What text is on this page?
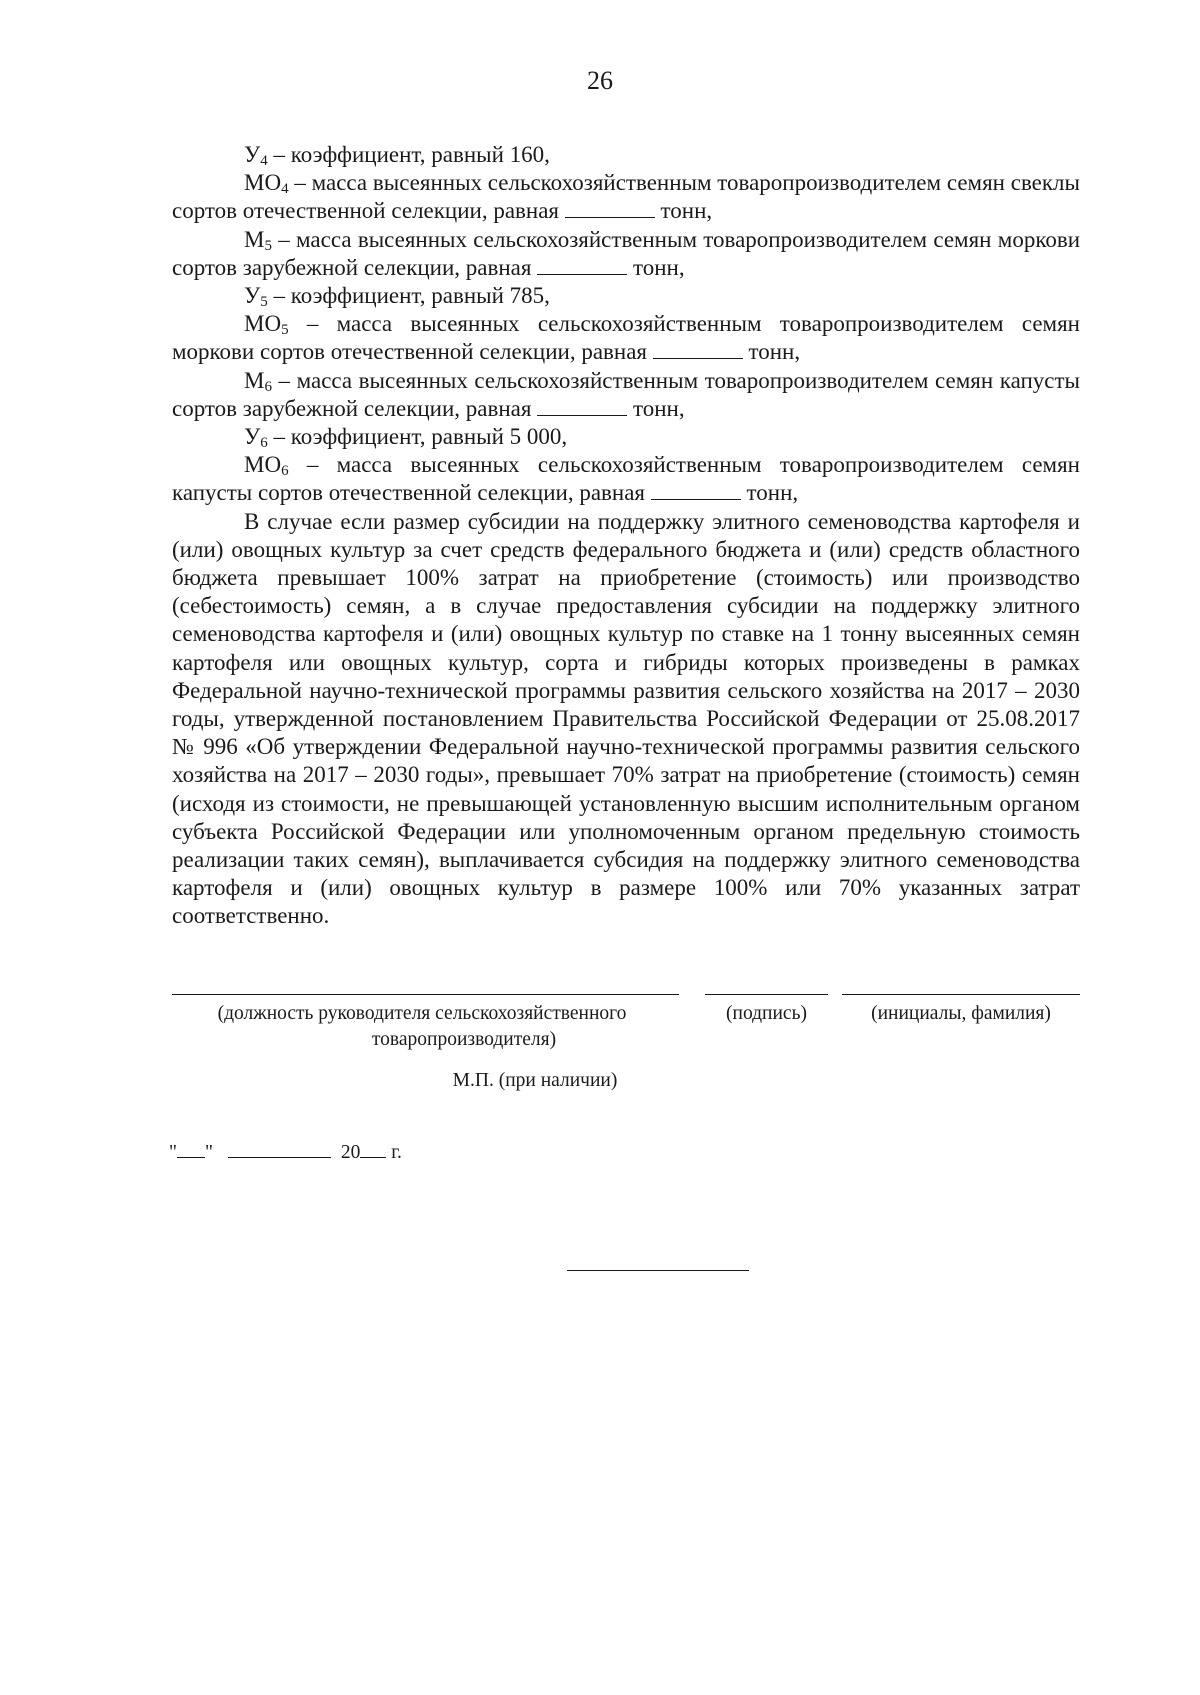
26

$У_4$ – коэффициент, равный 160,

$МО_4$ – масса высеянных сельскохозяйственным товаропроизводителем семян свеклы сортов отечественной селекции, равная	тонн,

$М_5$ – масса высеянных сельскохозяйственным товаропроизводителем семян моркови сортов зарубежной селекции, равная	тонн,

$У_5$ – коэффициент, равный 785,

$МО_5$ – масса высеянных сельскохозяйственным товаропроизводителем семян моркови сортов отечественной селекции, равная	тонн,

$М_6$ – масса высеянных сельскохозяйственным товаропроизводителем семян капусты сортов зарубежной селекции, равная	тонн,

$У_6$ – коэффициент, равный 5 000,

$МО_6$ – масса высеянных сельскохозяйственным товаропроизводителем семян капусты сортов отечественной селекции, равная	тонн,

В случае если размер субсидии на поддержку элитного семеноводства картофеля и (или) овощных культур за счет средств федерального бюджета и (или) средств областного бюджета превышает 100% затрат на приобретение (стоимость) или производство (себестоимость) семян, а в случае предоставления субсидии на поддержку элитного семеноводства картофеля и (или) овощных культур по ставке на 1 тонну высеянных семян картофеля или овощных культур, сорта и гибриды которых произведены в рамках Федеральной научно-технической программы развития сельского хозяйства на 2017 – 2030 годы, утвержденной постановлением Правительства Российской Федерации от 25.08.2017 № 996 «Об утверждении Федеральной научно-технической программы развития сельского хозяйства на 2017 – 2030 годы», превышает 70% затрат на приобретение (стоимость) семян (исходя из стоимости, не превышающей установленную высшим исполнительным органом субъекта Российской Федерации или уполномоченным органом предельную стоимость реализации таких семян), выплачивается субсидия на поддержку элитного семеноводства картофеля и (или) овощных культур в размере 100% или 70% указанных затрат соответственно.

(должность руководителя сельскохозяйственного
товаропроизводителя)
(подпись)	(инициалы, фамилия)
М.П. (при наличии)
" "	20 г.
